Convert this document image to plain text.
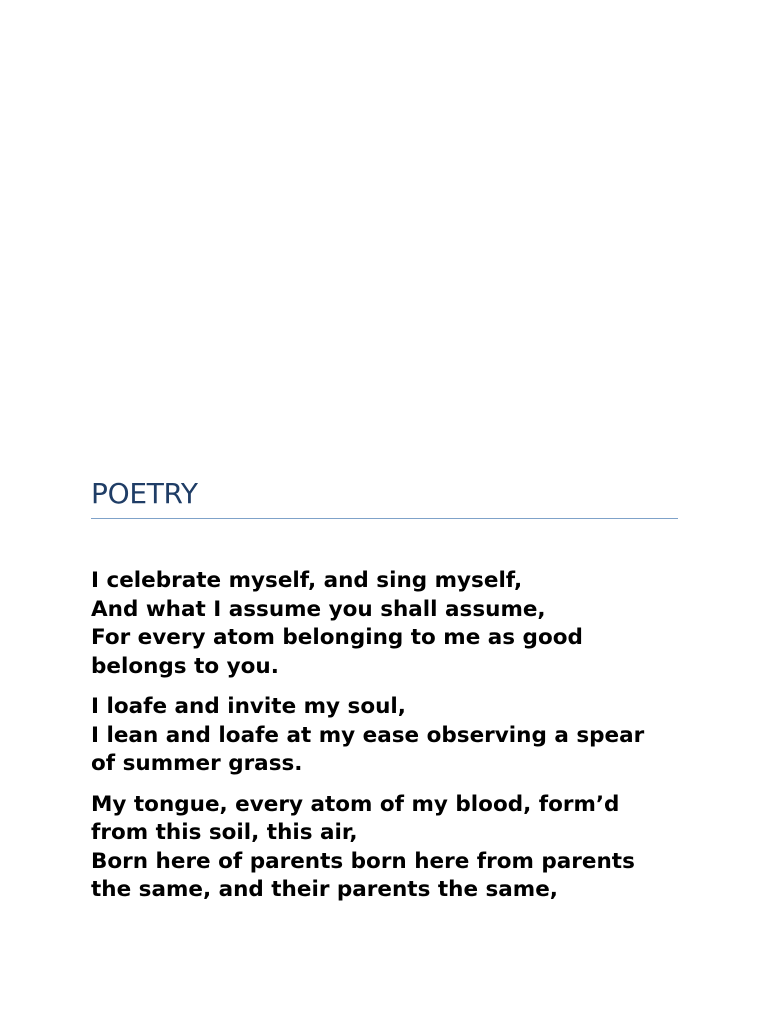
POETRY

I celebrate myself, and sing myself,

And what I assume you shall assume,

For every atom belonging to me as good

belongs to you.

I loafe and invite my soul,

I lean and loafe at my ease observing a spear

of summer grass.

My tongue, every atom of my blood, form’d

from this soil, this air,

Born here of parents born here from parents

the same, and their parents the same,
